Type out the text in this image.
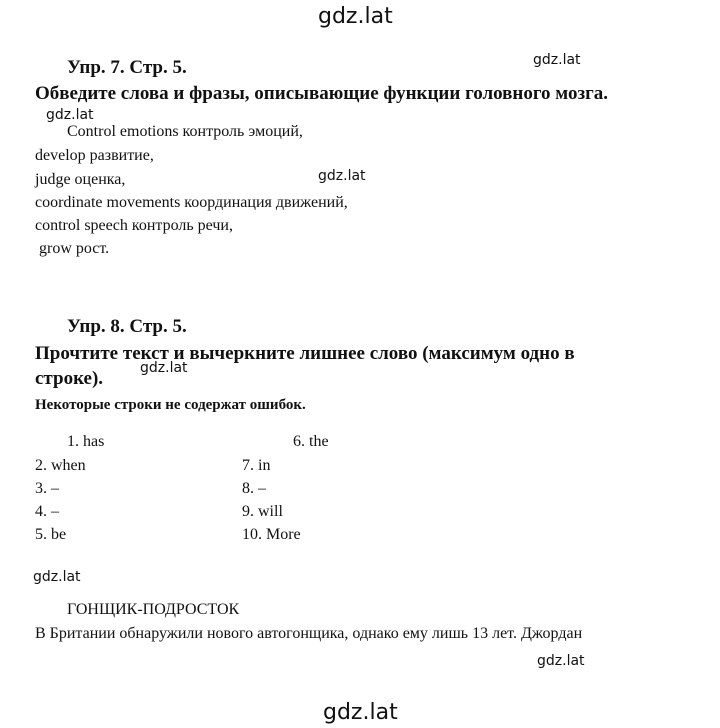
gdz.lat
gdz.lat
gdz.lat
gdz.lat
gdz.lat
gdz.lat
gdz.lat
gdz.lat
Упр. 7. Стр. 5.
Обведите слова и фразы, описывающие функции головного мозга.
Control emotions контроль эмоций,
develop развитие,
judge оценка,
coordinate movements координация движений,
control speech контроль речи,
grow рост.
Упр. 8. Стр. 5.
Прочтите текст и вычеркните лишнее слово (максимум одно в
строке).
Некоторые строки не содержат ошибок.
1. has
2. when
3. –
4. –
5. be
6. the
7. in
8. –
9. will
10. More
ГОНЩИК-ПОДРОСТОК
В Британии обнаружили нового автогонщика, однако ему лишь 13 лет. Джордан
